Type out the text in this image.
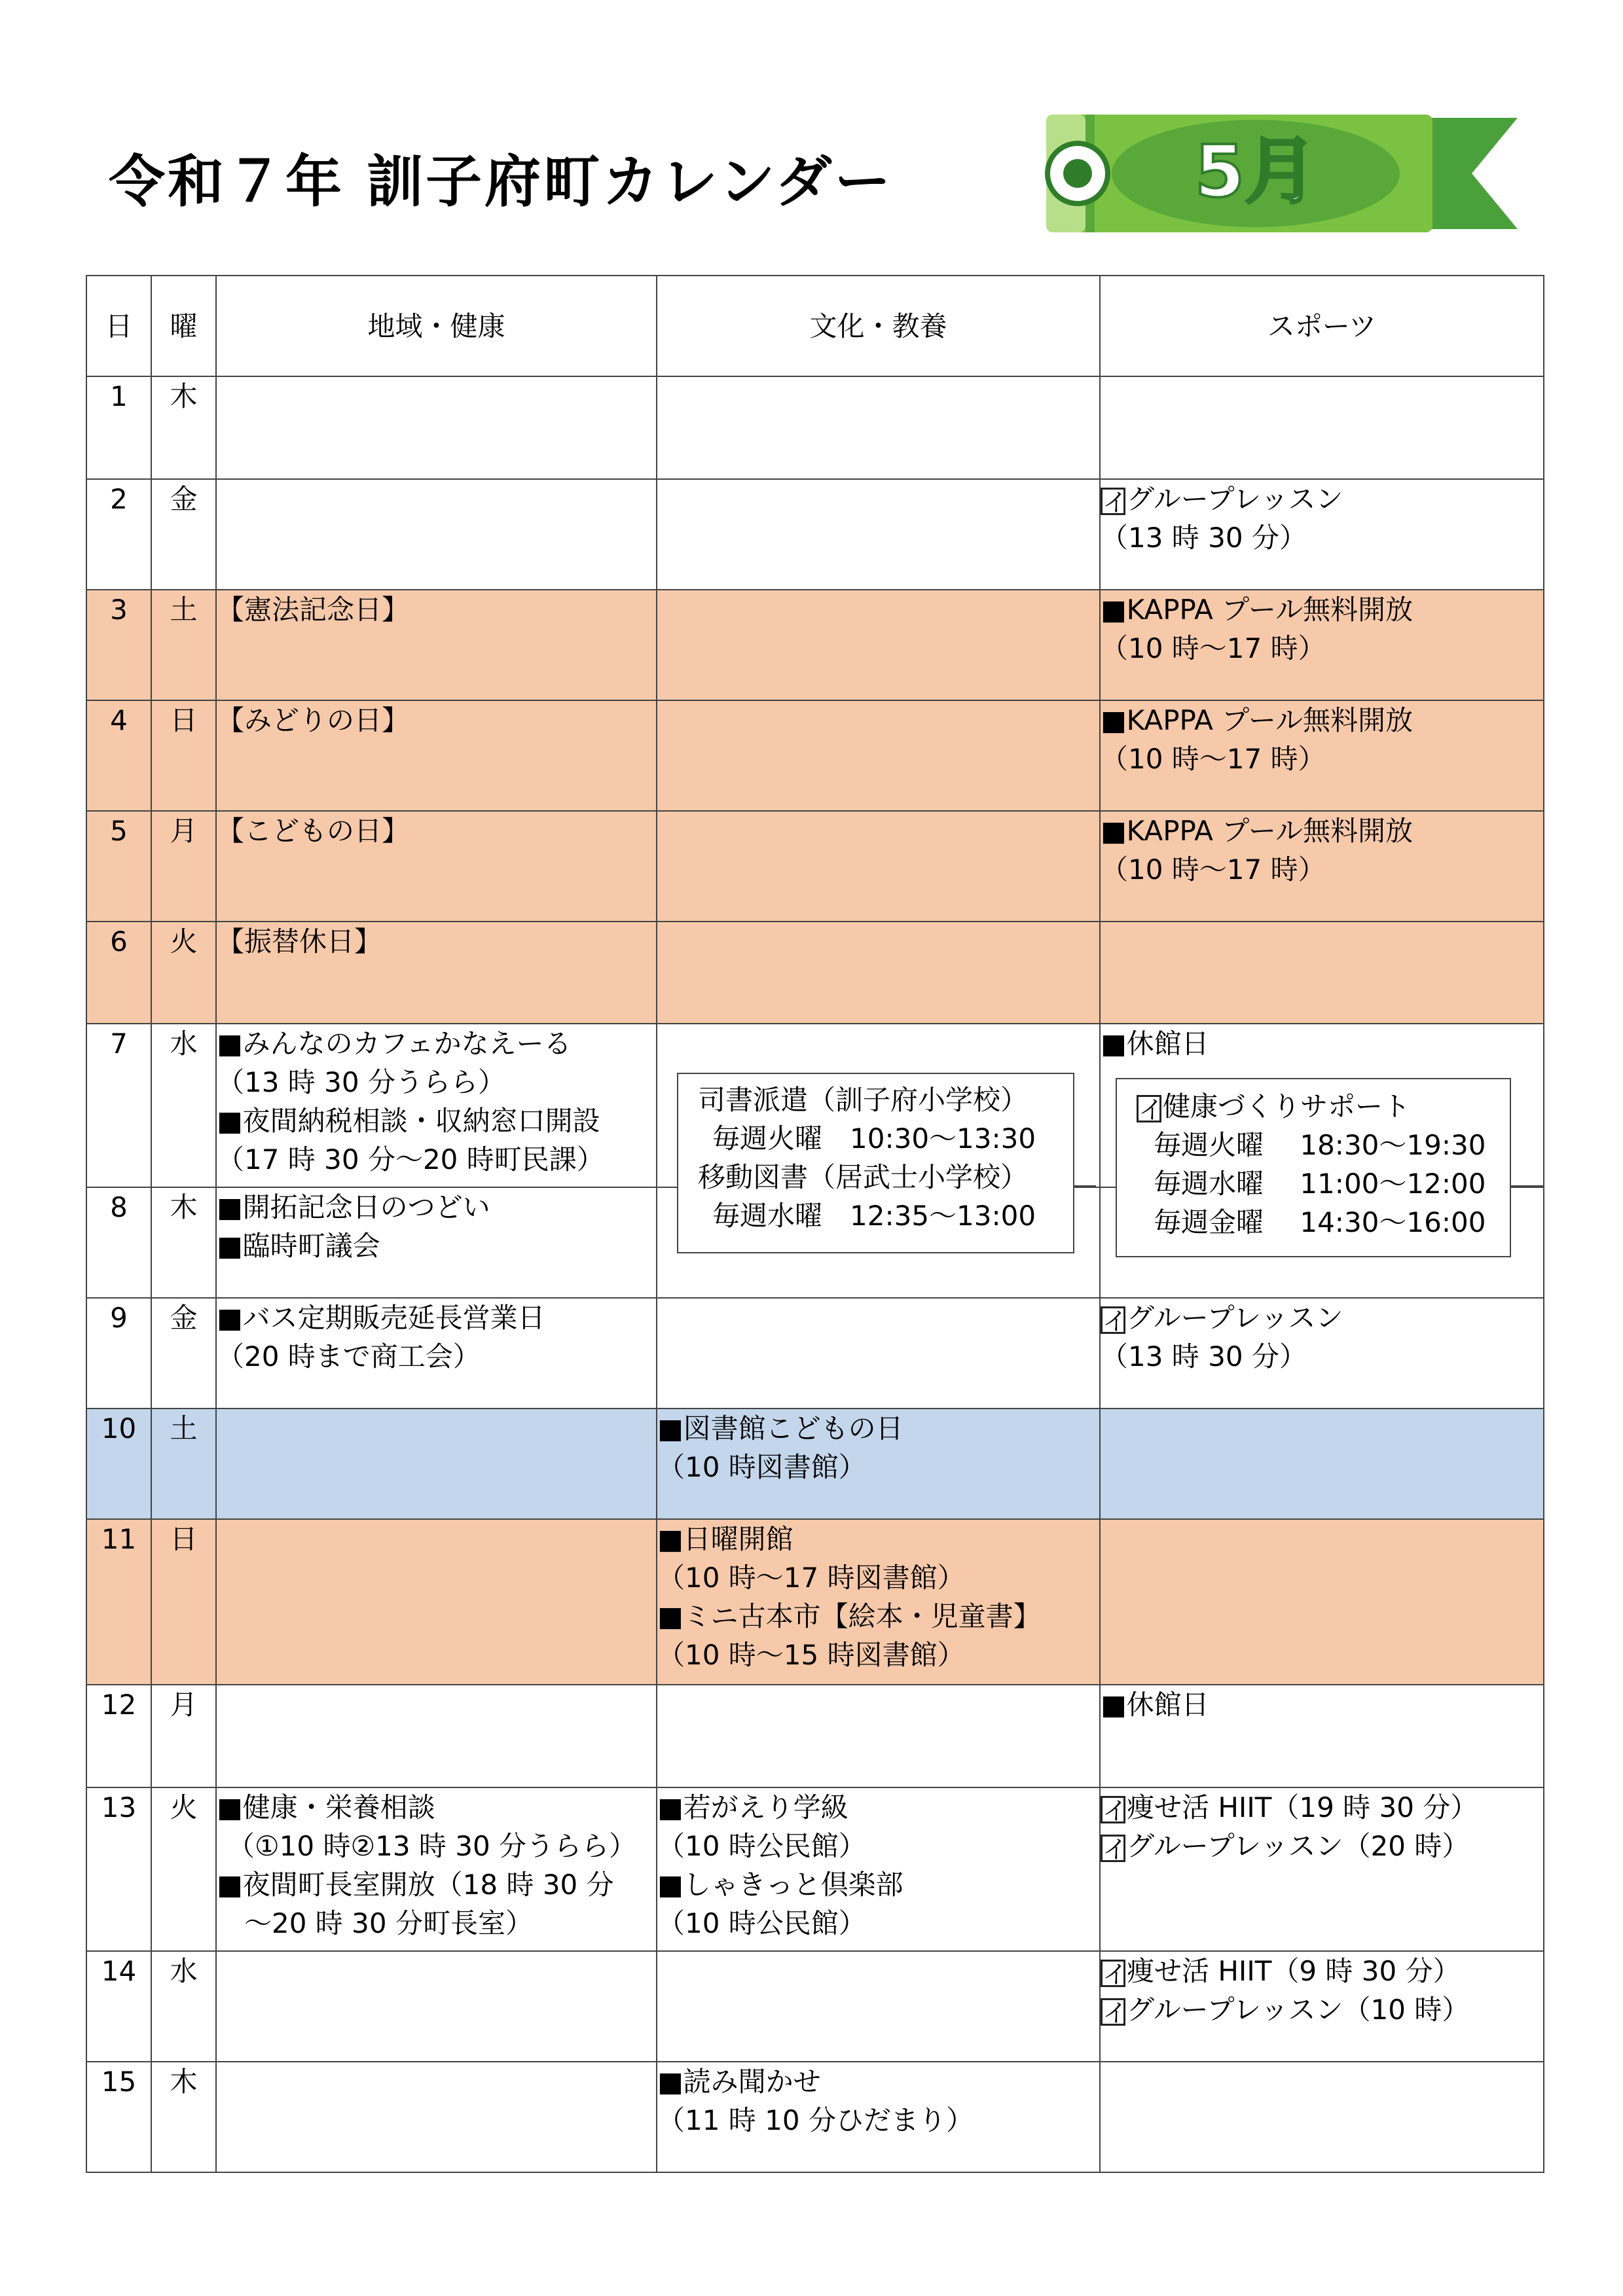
令和７年 訓子府町カレンダー	5月
日	曜	地域・健康	文化・教養	スポーツ
1	木			
2	金			イグループレッスン
（13 時 30 分）

3	土	【憲法記念日】		■KAPPA プール無料開放
（10 時～17 時）

4	日	【みどりの日】		■KAPPA プール無料開放
（10 時～17 時）

5	月	【こどもの日】		■KAPPA プール無料開放
（10 時～17 時）

6	火	【振替休日】		

7	水	■みんなのカフェかなえーる
（13 時 30 分うらら）
■夜間納税相談・収納窓口開設
（17 時 30 分～20 時町民課）		■休館日

8	木	■開拓記念日のつどい
■臨時町議会		

9	金	■バス定期販売延長営業日
（20 時まで商工会）		イグループレッスン
（13 時 30 分）

10	土		■図書館こどもの日
（10 時図書館）	

11	日		■日曜開館
（10 時～17 時図書館）
■ミニ古本市【絵本・児童書】
（10 時～15 時図書館）	

12	月			■休館日

13	火	■健康・栄養相談
（①10 時②13 時 30 分うらら）
■夜間町長室開放（18 時 30 分
～20 時 30 分町長室）	■若がえり学級
（10 時公民館）
■しゃきっと倶楽部
（10 時公民館）	イ痩せ活 HIIT（19 時 30 分）
イグループレッスン（20 時）

14	水			イ痩せ活 HIIT（9 時 30 分）
イグループレッスン（10 時）

15	木		■読み聞かせ
（11 時 10 分ひだまり）	

司書派遣（訓子府小学校）
毎週火曜　10:30～13:30
移動図書（居武士小学校）
毎週水曜　12:35～13:00
イ健康づくりサポート
毎週火曜　 18:30～19:30
毎週水曜　 11:00～12:00
毎週金曜　 14:30～16:00
